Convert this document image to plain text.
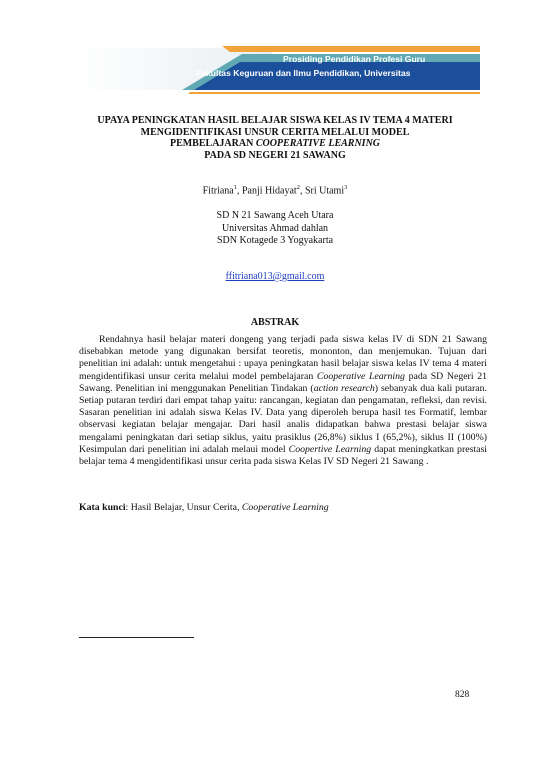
Prosiding Pendidikan Profesi Guru
Fakultas Keguruan dan Ilmu Pendidikan, Universitas
UPAYA PENINGKATAN HASIL BELAJAR SISWA KELAS IV TEMA 4 MATERI
MENGIDENTIFIKASI UNSUR CERITA MELALUI MODEL
PEMBELAJARAN COOPERATIVE LEARNING
PADA SD NEGERI 21 SAWANG
Fitriana$^1$, Panji Hidayat$^2$, Sri Utami$^3$
SD N 21 Sawang Aceh Utara
Universitas Ahmad dahlan
SDN Kotagede 3 Yogyakarta
ffitriana013@gmail.com
ABSTRAK

Rendahnya hasil belajar materi dongeng yang terjadi pada siswa kelas IV di SDN 21 Sawang disebabkan metode yang digunakan bersifat teoretis, mononton, dan menjemukan. Tujuan dari penelitian ini adalah: untuk mengetahui : upaya peningkatan hasil belajar siswa kelas IV tema 4 materi mengidentifikasi unsur cerita melalui model pembelajaran Cooperative Learning pada SD Negeri 21 Sawang. Penelitian ini menggunakan Penelitian Tindakan (action research) sebanyak dua kali putaran. Setiap putaran terdiri dari empat tahap yaitu: rancangan, kegiatan dan pengamatan, refleksi, dan revisi. Sasaran penelitian ini adalah siswa Kelas IV. Data yang diperoleh berupa hasil tes Formatif, lembar observasi kegiatan belajar mengajar. Dari hasil analis didapatkan bahwa prestasi belajar siswa mengalami peningkatan dari setiap siklus, yaitu prasiklus (26,8%) siklus I (65,2%), siklus II (100%) Kesimpulan dari penelitian ini adalah melaui model Coopertive Learning dapat meningkatkan prestasi belajar tema 4 mengidentifikasi unsur cerita pada siswa Kelas IV SD Negeri 21 Sawang .

Kata kunci: Hasil Belajar, Unsur Cerita, Cooperative Learning
828
